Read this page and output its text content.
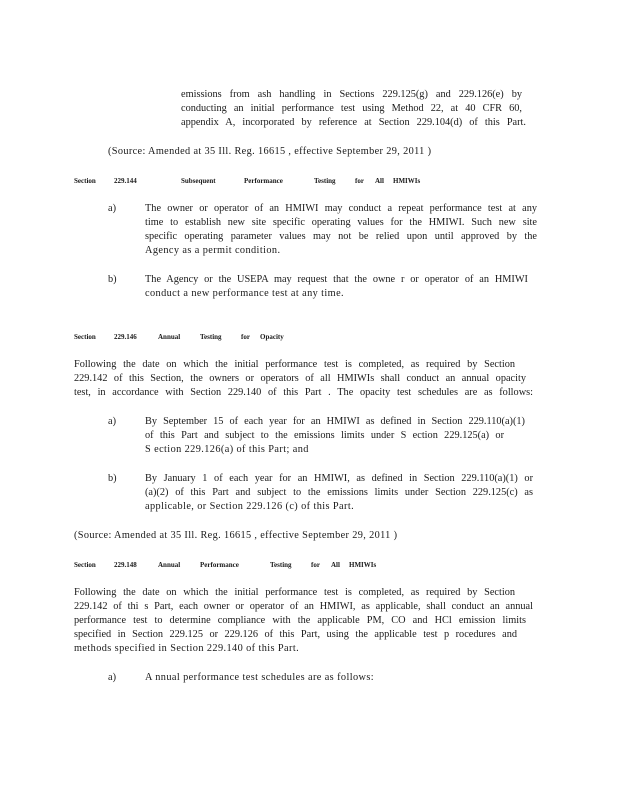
emissions from ash handling in Sections 229.125(g) and 229.126(e) by
conducting an initial performance test using Method 22, at 40 CFR 60,
appendix A, incorporated by reference at Section 229.104(d) of this Part.
(Source: Amended at 35 Ill. Reg. 16615 , effective September 29, 2011 )
Section	229.144	Subsequent	Performance	Testing	for All HMIWIs
a)	The owner or operator of an HMIWI may conduct a repeat performance test at any
time to establish new site specific operating values for the HMIWI. Such new site
specific operating parameter values may not be relied upon until approved by the
Agency as a permit condition.
b)	The Agency or the USEPA may request that the owne r or operator of an HMIWI
conduct a new performance test at any time.
Section	229.146	Annual	Testing	for Opacity
Following the date on which the initial performance test is completed, as required by Section
229.142 of this Section, the owners or operators of all HMIWIs shall conduct an annual opacity
test, in accordance with Section 229.140 of this Part . The opacity test schedules are as follows:
a)	By September 15 of each year for an HMIWI as defined in Section 229.110(a)(1)
of this Part and subject to the emissions limits under S ection 229.125(a) or
S ection 229.126(a) of this Part; and
b)	By January 1 of each year for an HMIWI, as defined in Section 229.110(a)(1) or
(a)(2) of this Part and subject to the emissions limits under Section 229.125(c) as
applicable, or Section 229.126 (c) of this Part.
(Source: Amended at 35 Ill. Reg. 16615 , effective September 29, 2011 )
Section	229.148	Annual	Performance	Testing	for All HMIWIs
Following the date on which the initial performance test is completed, as required by Section
229.142 of thi s Part, each owner or operator of an HMIWI, as applicable, shall conduct an annual
performance test to determine compliance with the applicable PM, CO and HCl emission limits
specified in Section 229.125 or 229.126 of this Part, using the applicable test p rocedures and
methods specified in Section 229.140 of this Part.
a)	A nnual performance test schedules are as follows:
